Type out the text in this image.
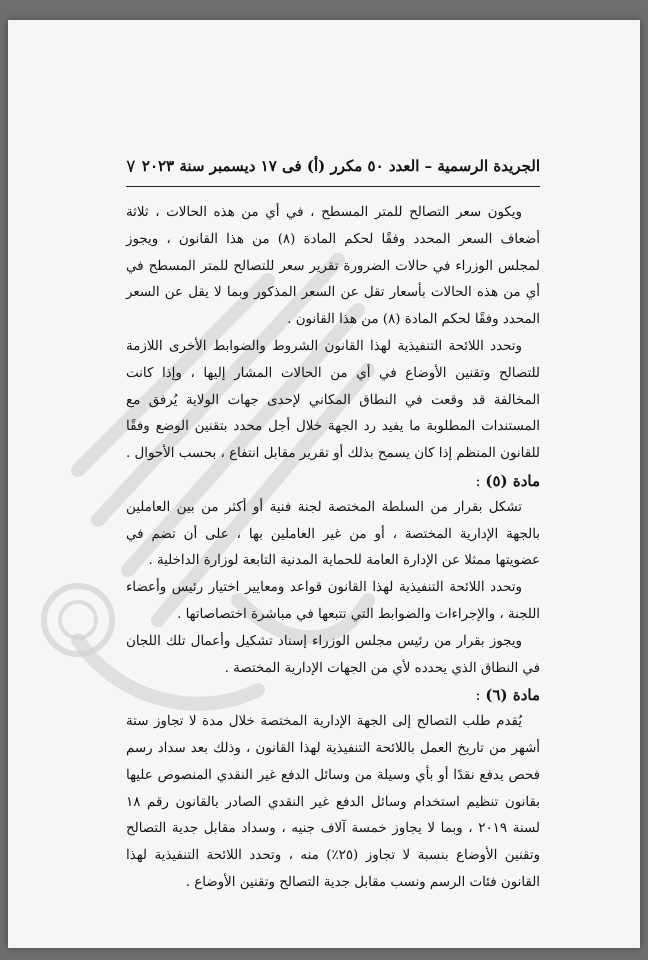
الجريدة الرسمية – العدد ٥٠ مكرر (أ) فى ١٧ ديسمبر سنة ٢٠٢٣
٧

ويكون سعر التصالح للمتر المسطح ، في أي من هذه الحالات ، ثلاثة أضعاف السعر المحدد وفقًا لحكم المادة (٨) من هذا القانون ، ويجوز لمجلس الوزراء في حالات الضرورة تقرير سعر للتصالح للمتر المسطح في أي من هذه الحالات بأسعار تقل عن السعر المذكور وبما لا يقل عن السعر المحدد وفقًا لحكم المادة (٨) من هذا القانون .

وتحدد اللائحة التنفيذية لهذا القانون الشروط والضوابط الأخرى اللازمة للتصالح وتقنين الأوضاع في أي من الحالات المشار إليها ، وإذا كانت المخالفة قد وقعت في النطاق المكاني لإحدى جهات الولاية يُرفق مع المستندات المطلوبة ما يفيد رد الجهة خلال أجل محدد بتقنين الوضع وفقًا للقانون المنظم إذا كان يسمح بذلك أو تقرير مقابل انتفاع ، بحسب الأحوال .

مادة (٥) :

تشكل بقرار من السلطة المختصة لجنة فنية أو أكثر من بين العاملين بالجهة الإدارية المختصة ، أو من غير العاملين بها ، على أن تضم في عضويتها ممثلا عن الإدارة العامة للحماية المدنية التابعة لوزارة الداخلية .

وتحدد اللائحة التنفيذية لهذا القانون قواعد ومعايير اختيار رئيس وأعضاء اللجنة ، والإجراءات والضوابط التي تتبعها في مباشرة اختصاصاتها .

ويجوز بقرار من رئيس مجلس الوزراء إسناد تشكيل وأعمال تلك اللجان في النطاق الذي يحدده لأي من الجهات الإدارية المختصة .

مادة (٦) :

يُقدم طلب التصالح إلى الجهة الإدارية المختصة خلال مدة لا تجاوز ستة أشهر من تاريخ العمل باللائحة التنفيذية لهذا القانون ، وذلك بعد سداد رسم فحص يدفع نقدًا أو بأي وسيلة من وسائل الدفع غير النقدي المنصوص عليها بقانون تنظيم استخدام وسائل الدفع غير النقدي الصادر بالقانون رقم ١٨ لسنة ٢٠١٩ ، وبما لا يجاوز خمسة آلاف جنيه ، وسداد مقابل جدية التصالح وتقنين الأوضاع بنسبة لا تجاوز (٢٥٪) منه ، وتحدد اللائحة التنفيذية لهذا القانون فئات الرسم ونسب مقابل جدية التصالح وتقنين الأوضاع .
